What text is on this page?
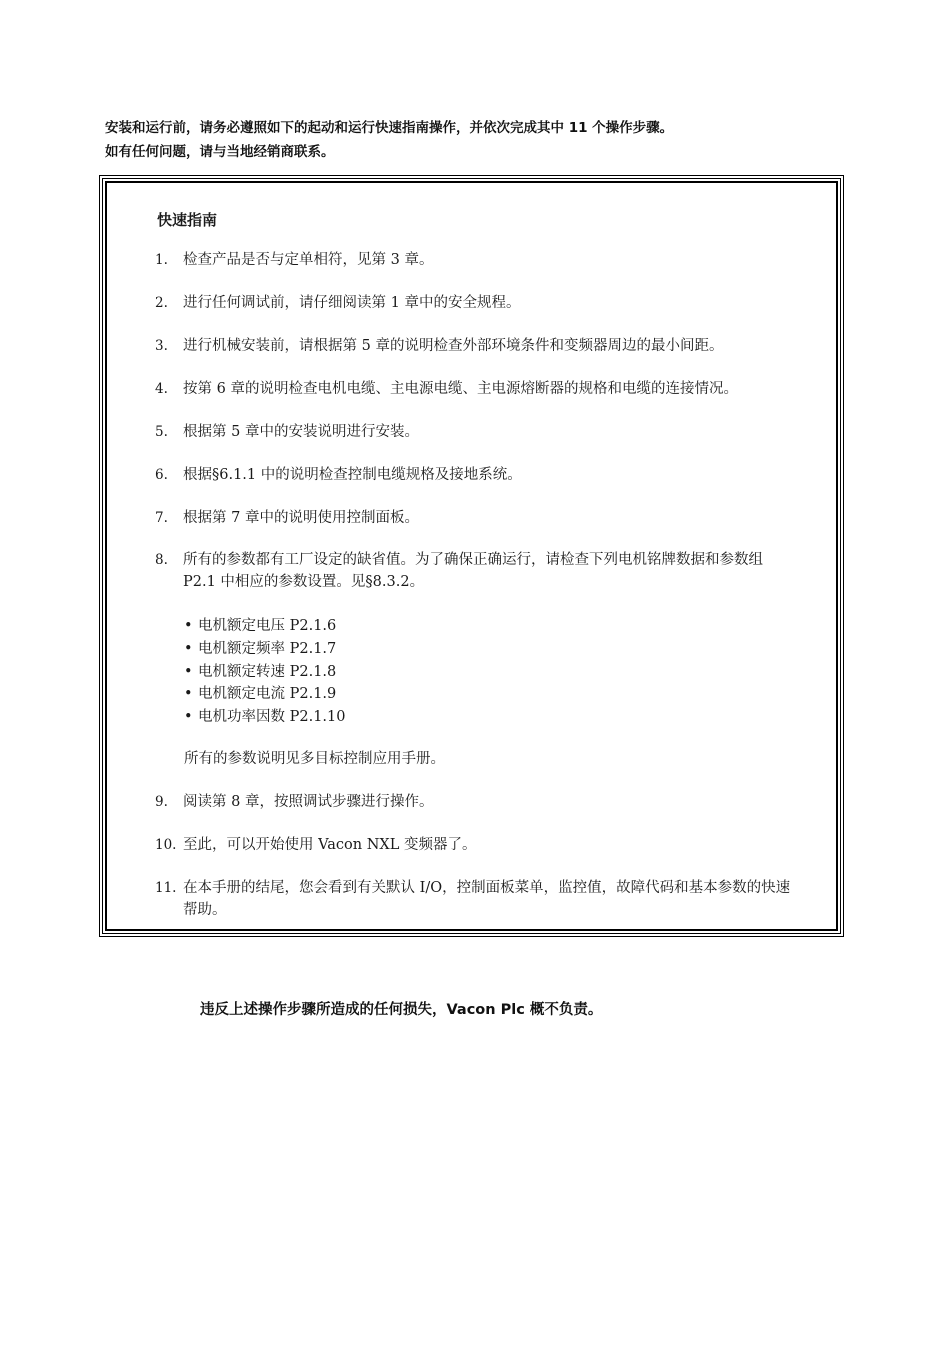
安装和运行前，请务必遵照如下的起动和运行快速指南操作，并依次完成其中 11 个操作步骤。

如有任何问题，请与当地经销商联系。

快速指南
1.	检查产品是否与定单相符，见第 3 章。
2.	进行任何调试前，请仔细阅读第 1 章中的安全规程。
3.	进行机械安装前，请根据第 5 章的说明检查外部环境条件和变频器周边的最小间距。
4.	按第 6 章的说明检查电机电缆、主电源电缆、主电源熔断器的规格和电缆的连接情况。
5.	根据第 5 章中的安装说明进行安装。
6.	根据§6.1.1 中的说明检查控制电缆规格及接地系统。
7.	根据第 7 章中的说明使用控制面板。
8.	所有的参数都有工厂设定的缺省值。为了确保正确运行，请检查下列电机铭牌数据和参数组 P2.1 中相应的参数设置。见§8.3.2。
• 电机额定电压 P2.1.6
• 电机额定频率 P2.1.7
• 电机额定转速 P2.1.8
• 电机额定电流 P2.1.9
• 电机功率因数 P2.1.10
所有的参数说明见多目标控制应用手册。
9.	阅读第 8 章，按照调试步骤进行操作。
10. 至此，可以开始使用 Vacon NXL 变频器了。
11. 在本手册的结尾，您会看到有关默认 I/O，控制面板菜单，监控值，故障代码和基本参数的快速帮助。
违反上述操作步骤所造成的任何损失，Vacon Plc 概不负责。
